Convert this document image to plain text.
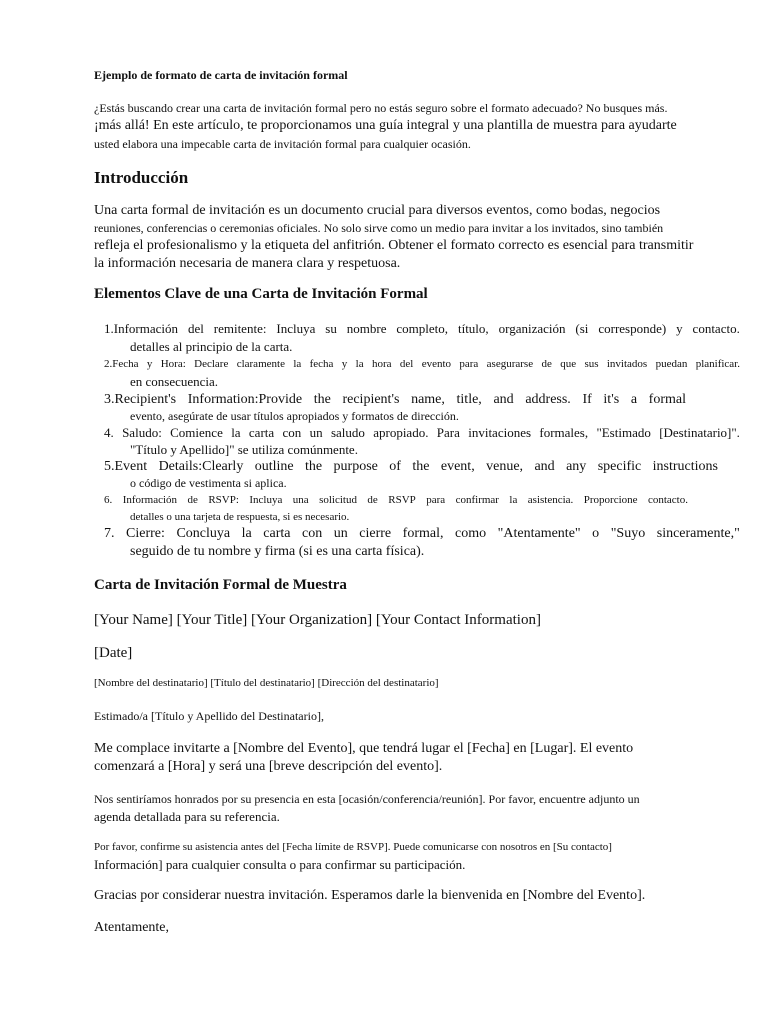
Ejemplo de formato de carta de invitación formal

¿Estás buscando crear una carta de invitación formal pero no estás seguro sobre el formato adecuado? No busques más.
¡más allá! En este artículo, te proporcionamos una guía integral y una plantilla de muestra para ayudarte
usted elabora una impecable carta de invitación formal para cualquier ocasión.
Introducción
Una carta formal de invitación es un documento crucial para diversos eventos, como bodas, negocios
reuniones, conferencias o ceremonias oficiales. No solo sirve como un medio para invitar a los invitados, sino también
refleja el profesionalismo y la etiqueta del anfitrión. Obtener el formato correcto es esencial para transmitir
la información necesaria de manera clara y respetuosa.
Elementos Clave de una Carta de Invitación Formal
1.Información del remitente: Incluya su nombre completo, título, organización (si corresponde) y contacto.
detalles al principio de la carta.
2.Fecha y Hora: Declare claramente la fecha y la hora del evento para asegurarse de que sus invitados puedan planificar.
en consecuencia.
3.Recipient's Information:Provide the recipient's name, title, and address. If it's a formal
evento, asegúrate de usar títulos apropiados y formatos de dirección.
4. Saludo: Comience la carta con un saludo apropiado. Para invitaciones formales, "Estimado [Destinatario]".
"Título y Apellido]" se utiliza comúnmente.
5.Event Details:Clearly outline the purpose of the event, venue, and any specific instructions
o código de vestimenta si aplica.
6. Información de RSVP: Incluya una solicitud de RSVP para confirmar la asistencia. Proporcione contacto.
detalles o una tarjeta de respuesta, si es necesario.
7. Cierre: Concluya la carta con un cierre formal, como "Atentamente" o "Suyo sinceramente,"
seguido de tu nombre y firma (si es una carta física).
Carta de Invitación Formal de Muestra

[Your Name] [Your Title] [Your Organization] [Your Contact Information]

[Date]

[Nombre del destinatario] [Título del destinatario] [Dirección del destinatario]

Estimado/a [Título y Apellido del Destinatario],

Me complace invitarte a [Nombre del Evento], que tendrá lugar el [Fecha] en [Lugar]. El evento
comenzará a [Hora] y será una [breve descripción del evento].
Nos sentiríamos honrados por su presencia en esta [ocasión/conferencia/reunión]. Por favor, encuentre adjunto un
agenda detallada para su referencia.
Por favor, confirme su asistencia antes del [Fecha límite de RSVP]. Puede comunicarse con nosotros en [Su contacto]
Información] para cualquier consulta o para confirmar su participación.

Gracias por considerar nuestra invitación. Esperamos darle la bienvenida en [Nombre del Evento].

Atentamente,
